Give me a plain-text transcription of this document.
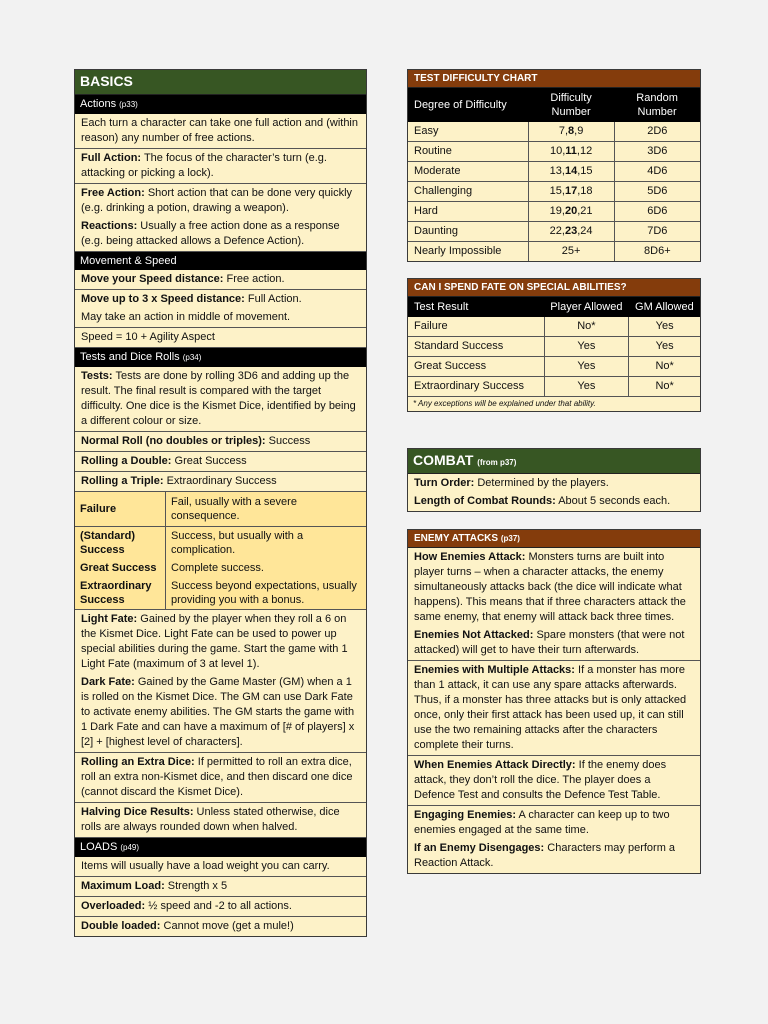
BASICS
Actions (p33)
Each turn a character can take one full action and (within reason) any number of free actions.
Full Action: The focus of the character’s turn (e.g. attacking or picking a lock).
Free Action: Short action that can be done very quickly (e.g. drinking a potion, drawing a weapon).
Reactions: Usually a free action done as a response (e.g. being attacked allows a Defence Action).
Movement & Speed
Move your Speed distance: Free action.
Move up to 3 x Speed distance: Full Action.
May take an action in middle of movement.
Speed = 10 + Agility Aspect
Tests and Dice Rolls (p34)
Tests: Tests are done by rolling 3D6 and adding up the result. The final result is compared with the target difficulty. One dice is the Kismet Dice, identified by being a different colour or size.
Normal Roll (no doubles or triples): Success
Rolling a Double: Great Success
Rolling a Triple: Extraordinary Success
Failure	Fail, usually with a severe consequence.
(Standard) Success	Success, but usually with a complication.
Great Success	Complete success.
Extraordinary Success	Success beyond expectations, usually providing you with a bonus.
Light Fate: Gained by the player when they roll a 6 on the Kismet Dice. Light Fate can be used to power up special abilities during the game. Start the game with 1 Light Fate (maximum of 3 at level 1).
Dark Fate: Gained by the Game Master (GM) when a 1 is rolled on the Kismet Dice. The GM can use Dark Fate to activate enemy abilities. The GM starts the game with 1 Dark Fate and can have a maximum of [# of players] x [2] + [highest level of characters].
Rolling an Extra Dice: If permitted to roll an extra dice, roll an extra non-Kismet dice, and then discard one dice (cannot discard the Kismet Dice).
Halving Dice Results: Unless stated otherwise, dice rolls are always rounded down when halved.
LOADS (p49)
Items will usually have a load weight you can carry.
Maximum Load: Strength x 5
Overloaded: ½ speed and -2 to all actions.
Double loaded: Cannot move (get a mule!)
TEST DIFFICULTY CHART
Degree of Difficulty	Difficulty Number	Random Number
Easy	7,8,9	2D6
Routine	10,11,12	3D6
Moderate	13,14,15	4D6
Challenging	15,17,18	5D6
Hard	19,20,21	6D6
Daunting	22,23,24	7D6
Nearly Impossible	25+	8D6+
CAN I SPEND FATE ON SPECIAL ABILITIES?
Test Result	Player Allowed	GM Allowed
Failure	No*	Yes
Standard Success	Yes	Yes
Great Success	Yes	No*
Extraordinary Success	Yes	No*
* Any exceptions will be explained under that ability.
COMBAT (from p37)
Turn Order: Determined by the players.
Length of Combat Rounds: About 5 seconds each.
ENEMY ATTACKS (p37)
How Enemies Attack: Monsters turns are built into player turns – when a character attacks, the enemy simultaneously attacks back (the dice will indicate what happens). This means that if three characters attack the same enemy, that enemy will attack back three times.
Enemies Not Attacked: Spare monsters (that were not attacked) will get to have their turn afterwards.
Enemies with Multiple Attacks: If a monster has more than 1 attack, it can use any spare attacks afterwards. Thus, if a monster has three attacks but is only attacked once, only their first attack has been used up, it can still use the two remaining attacks after the characters complete their turns.
When Enemies Attack Directly: If the enemy does attack, they don’t roll the dice. The player does a Defence Test and consults the Defence Test Table.
Engaging Enemies: A character can keep up to two enemies engaged at the same time.
If an Enemy Disengages: Characters may perform a Reaction Attack.
